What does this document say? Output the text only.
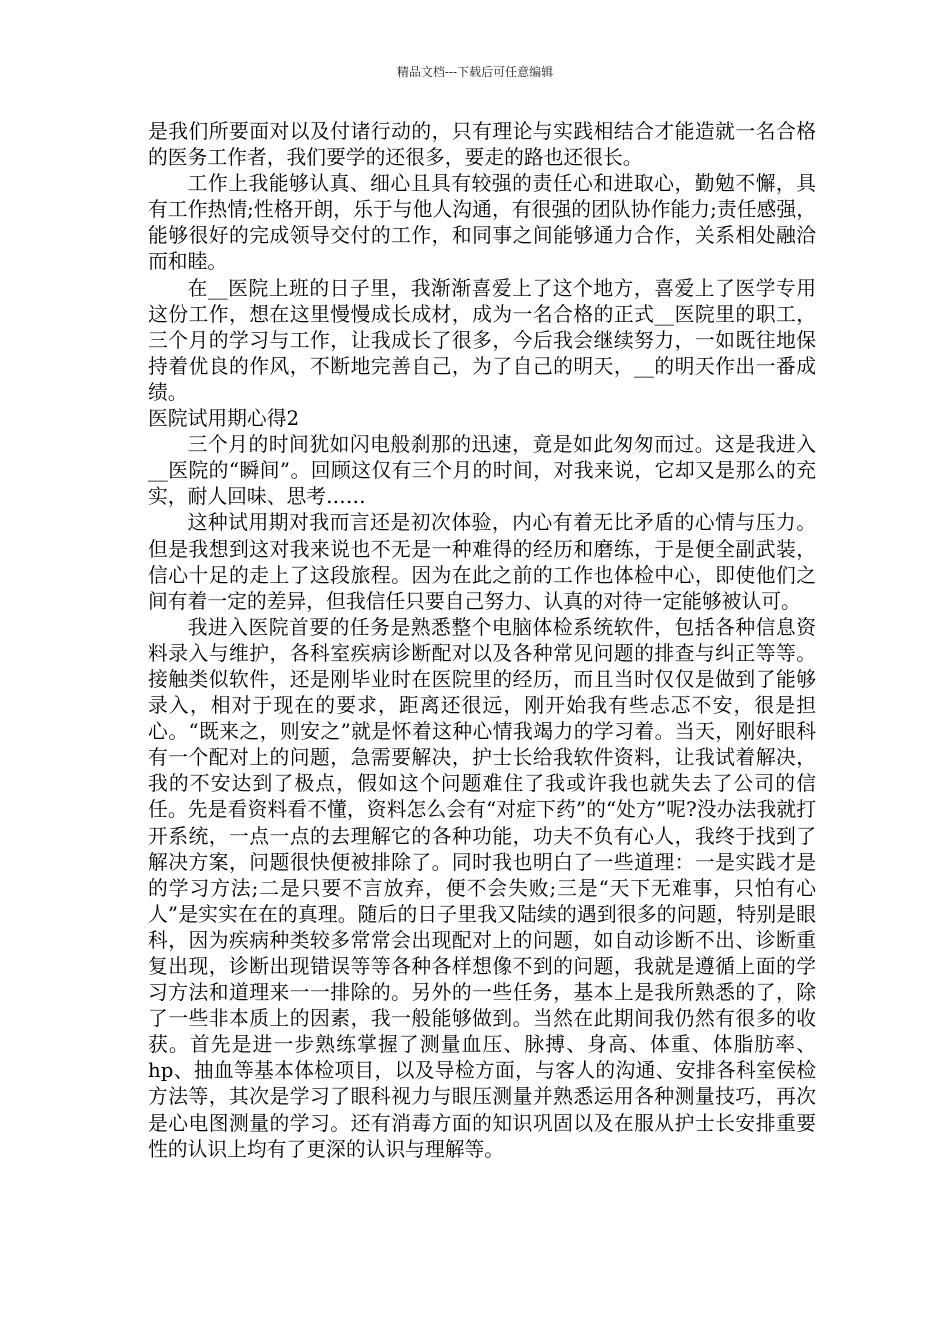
精品文档---下载后可任意编辑

是我们所要面对以及付诸行动的，只有理论与实践相结合才能造就一名合格的医务工作者，我们要学的还很多，要走的路也还很长。

工作上我能够认真、细心且具有较强的责任心和进取心，勤勉不懈，具有工作热情;性格开朗，乐于与他人沟通，有很强的团队协作能力;责任感强，能够很好的完成领导交付的工作，和同事之间能够通力合作，关系相处融洽而和睦。

在__医院上班的日子里，我渐渐喜爱上了这个地方，喜爱上了医学专用这份工作，想在这里慢慢成长成材，成为一名合格的正式__医院里的职工，三个月的学习与工作，让我成长了很多，今后我会继续努力，一如既往地保持着优良的作风，不断地完善自己，为了自己的明天，__的明天作出一番成绩。

医院试用期心得2

三个月的时间犹如闪电般刹那的迅速，竟是如此匆匆而过。这是我进入__医院的“瞬间”。回顾这仅有三个月的时间，对我来说，它却又是那么的充实，耐人回味、思考……

这种试用期对我而言还是初次体验，内心有着无比矛盾的心情与压力。但是我想到这对我来说也不无是一种难得的经历和磨练，于是便全副武装，信心十足的走上了这段旅程。因为在此之前的工作也体检中心，即使他们之间有着一定的差异，但我信任只要自己努力、认真的对待一定能够被认可。

我进入医院首要的任务是熟悉整个电脑体检系统软件，包括各种信息资料录入与维护，各科室疾病诊断配对以及各种常见问题的排查与纠正等等。接触类似软件，还是刚毕业时在医院里的经历，而且当时仅仅是做到了能够录入，相对于现在的要求，距离还很远，刚开始我有些忐忑不安，很是担心。“既来之，则安之”就是怀着这种心情我竭力的学习着。当天，刚好眼科有一个配对上的问题，急需要解决，护士长给我软件资料，让我试着解决，我的不安达到了极点，假如这个问题难住了我或许我也就失去了公司的信任。先是看资料看不懂，资料怎么会有“对症下药”的“处方”呢?没办法我就打开系统，一点一点的去理解它的各种功能，功夫不负有心人，我终于找到了解决方案，问题很快便被排除了。同时我也明白了一些道理：一是实践才是的学习方法;二是只要不言放弃，便不会失败;三是“天下无难事，只怕有心人”是实实在在的真理。随后的日子里我又陆续的遇到很多的问题，特别是眼科，因为疾病种类较多常常会出现配对上的问题，如自动诊断不出、诊断重复出现，诊断出现错误等等各种各样想像不到的问题，我就是遵循上面的学习方法和道理来一一排除的。另外的一些任务，基本上是我所熟悉的了，除了一些非本质上的因素，我一般能够做到。当然在此期间我仍然有很多的收获。首先是进一步熟练掌握了测量血压、脉搏、身高、体重、体脂肪率、hp、抽血等基本体检项目，以及导检方面，与客人的沟通、安排各科室侯检方法等，其次是学习了眼科视力与眼压测量并熟悉运用各种测量技巧，再次是心电图测量的学习。还有消毒方面的知识巩固以及在服从护士长安排重要性的认识上均有了更深的认识与理解等。
